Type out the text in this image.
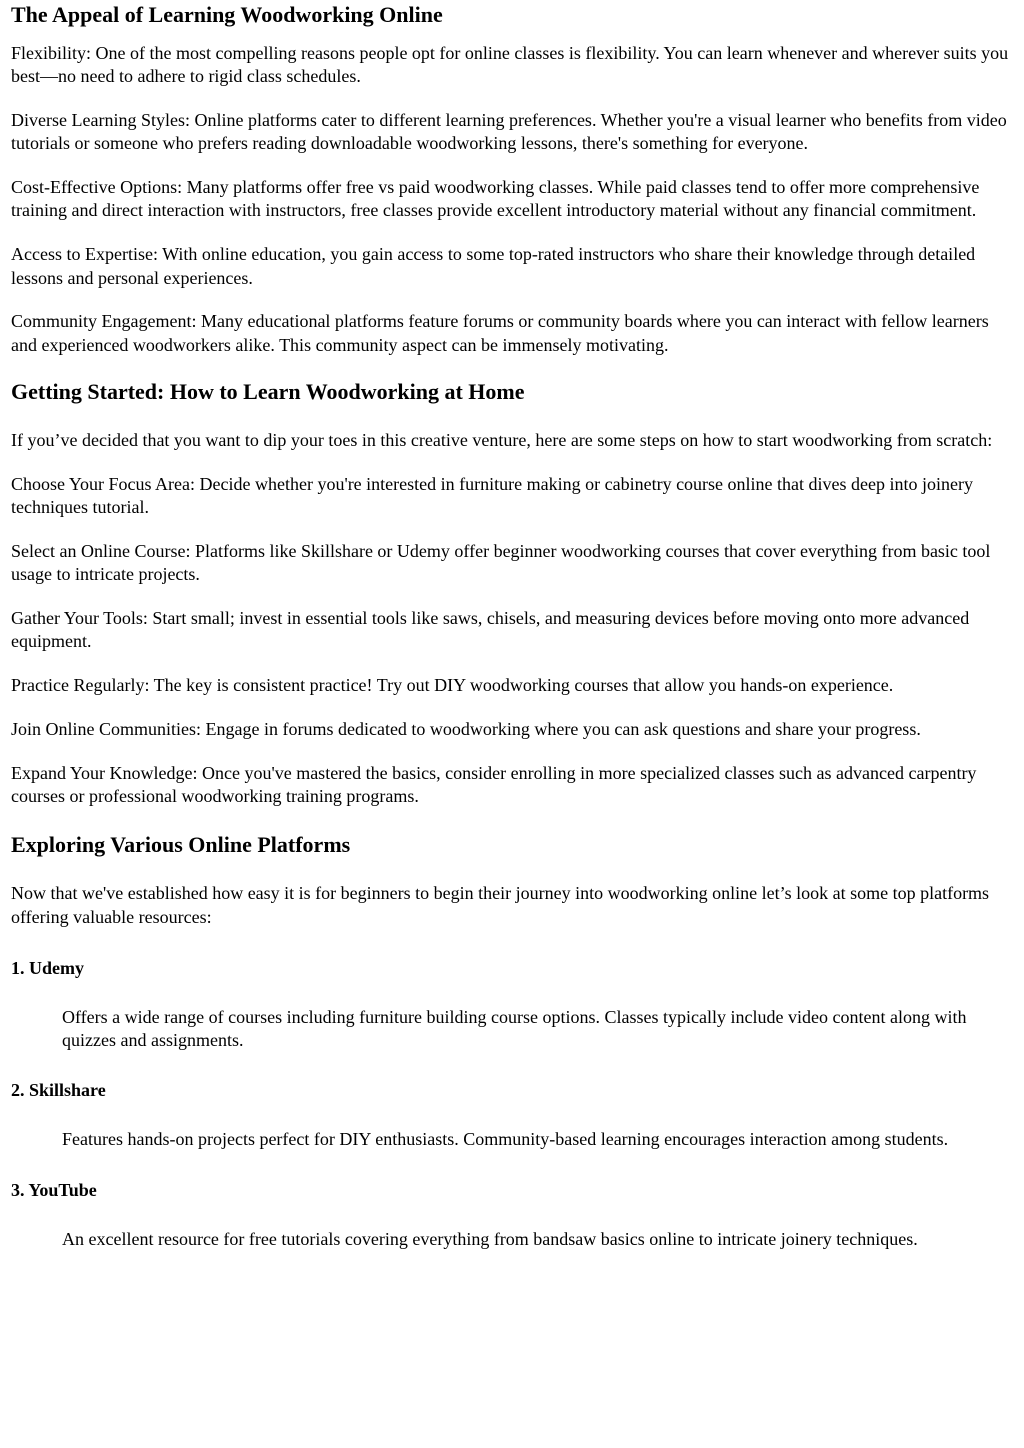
The Appeal of Learning Woodworking Online

Flexibility: One of the most compelling reasons people opt for online classes is flexibility. You can learn whenever and wherever suits you best—no need to adhere to rigid class schedules.

Diverse Learning Styles: Online platforms cater to different learning preferences. Whether you're a visual learner who benefits from video tutorials or someone who prefers reading downloadable woodworking lessons, there's something for everyone.

Cost-Effective Options: Many platforms offer free vs paid woodworking classes. While paid classes tend to offer more comprehensive training and direct interaction with instructors, free classes provide excellent introductory material without any financial commitment.

Access to Expertise: With online education, you gain access to some top-rated instructors who share their knowledge through detailed lessons and personal experiences.

Community Engagement: Many educational platforms feature forums or community boards where you can interact with fellow learners and experienced woodworkers alike. This community aspect can be immensely motivating.

Getting Started: How to Learn Woodworking at Home

If you’ve decided that you want to dip your toes in this creative venture, here are some steps on how to start woodworking from scratch:

Choose Your Focus Area: Decide whether you're interested in furniture making or cabinetry course online that dives deep into joinery techniques tutorial.

Select an Online Course: Platforms like Skillshare or Udemy offer beginner woodworking courses that cover everything from basic tool usage to intricate projects.

Gather Your Tools: Start small; invest in essential tools like saws, chisels, and measuring devices before moving onto more advanced equipment.

Practice Regularly: The key is consistent practice! Try out DIY woodworking courses that allow you hands-on experience.

Join Online Communities: Engage in forums dedicated to woodworking where you can ask questions and share your progress.

Expand Your Knowledge: Once you've mastered the basics, consider enrolling in more specialized classes such as advanced carpentry courses or professional woodworking training programs.

Exploring Various Online Platforms

Now that we've established how easy it is for beginners to begin their journey into woodworking online let’s look at some top platforms offering valuable resources:

1. Udemy

Offers a wide range of courses including furniture building course options. Classes typically include video content along with quizzes and assignments.

2. Skillshare

Features hands-on projects perfect for DIY enthusiasts. Community-based learning encourages interaction among students.

3. YouTube

An excellent resource for free tutorials covering everything from bandsaw basics online to intricate joinery techniques.
